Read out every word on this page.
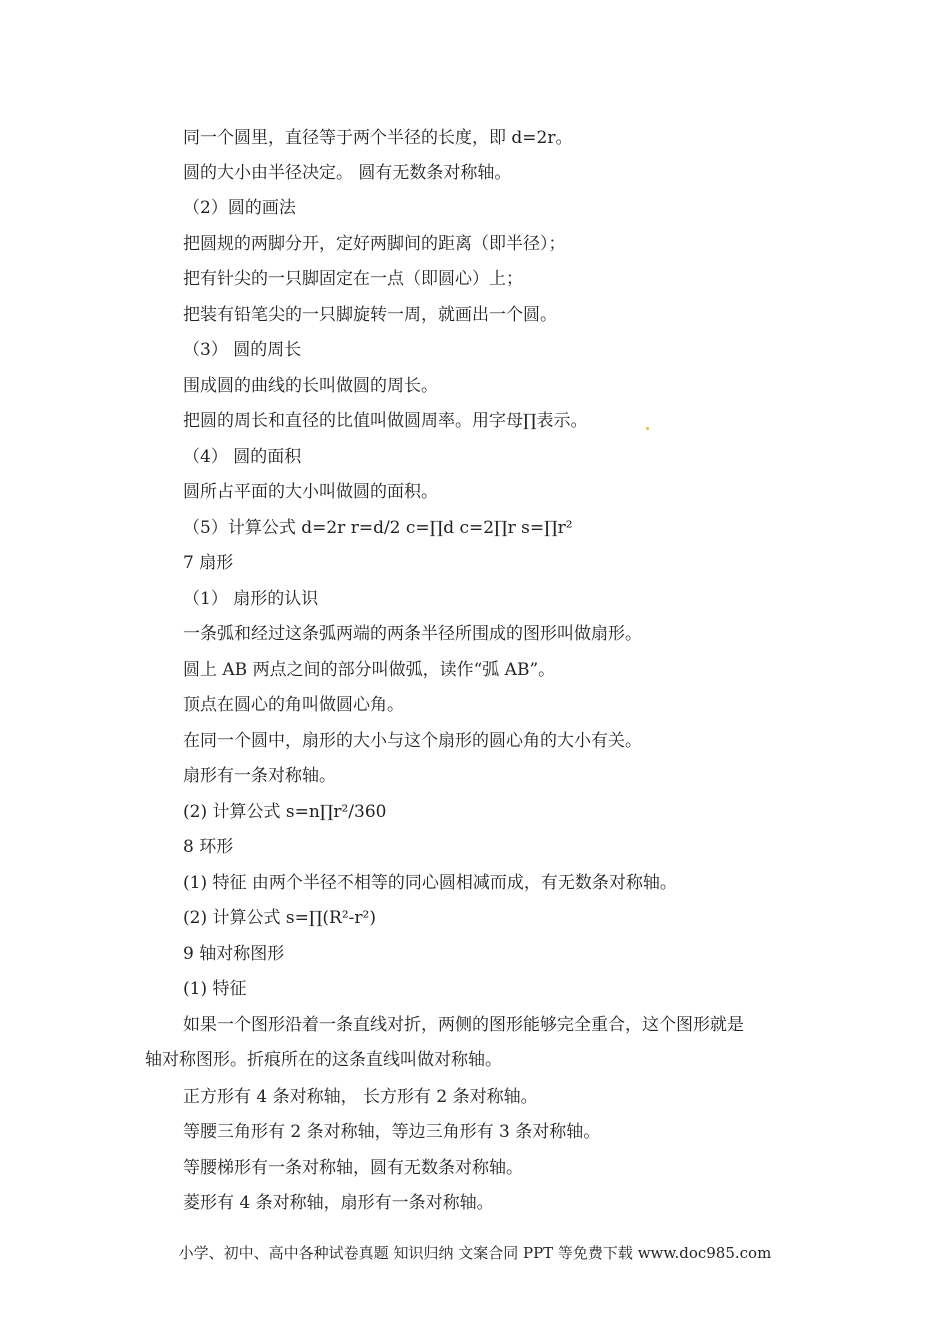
同一个圆里，直径等于两个半径的长度，即 d=2r。
圆的大小由半径决定。 圆有无数条对称轴。
（2）圆的画法
把圆规的两脚分开，定好两脚间的距离（即半径）；
把有针尖的一只脚固定在一点（即圆心）上；
把装有铅笔尖的一只脚旋转一周，就画出一个圆。
（3） 圆的周长
围成圆的曲线的长叫做圆的周长。
把圆的周长和直径的比值叫做圆周率。用字母∏表示。
（4） 圆的面积
圆所占平面的大小叫做圆的面积。
（5）计算公式 d=2r r=d/2 c=∏d c=2∏r s=∏r²
7 扇形
（1） 扇形的认识
一条弧和经过这条弧两端的两条半径所围成的图形叫做扇形。
圆上 AB 两点之间的部分叫做弧，读作“弧 AB”。
顶点在圆心的角叫做圆心角。
在同一个圆中，扇形的大小与这个扇形的圆心角的大小有关。
扇形有一条对称轴。
(2) 计算公式 s=n∏r²/360
8 环形
(1) 特征 由两个半径不相等的同心圆相减而成，有无数条对称轴。
(2) 计算公式 s=∏(R²-r²)
9 轴对称图形
(1) 特征
如果一个图形沿着一条直线对折，两侧的图形能够完全重合，这个图形就是
轴对称图形。折痕所在的这条直线叫做对称轴。
正方形有 4 条对称轴， 长方形有 2 条对称轴。
等腰三角形有 2 条对称轴，等边三角形有 3 条对称轴。
等腰梯形有一条对称轴，圆有无数条对称轴。
菱形有 4 条对称轴，扇形有一条对称轴。
小学、初中、高中各种试卷真题 知识归纳 文案合同 PPT 等免费下载 www.doc985.com
